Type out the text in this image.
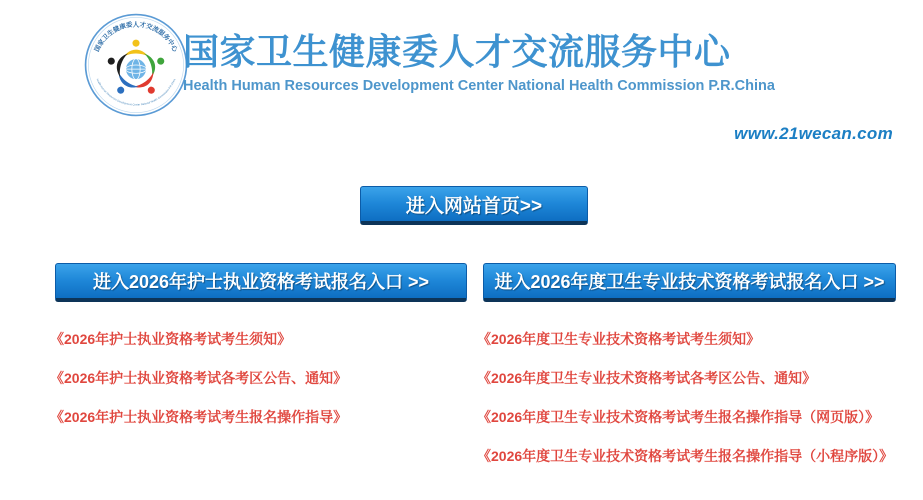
国家卫生健康委人才交流服务中心
Health Human Resources Development Center National Health Commission P.R.China
国家卫生健康委人才交流服务中心
Health Human Resources Development Center National Health Commission P.R.China
www.21wecan.com
进入网站首页>>
进入2026年护士执业资格考试报名入口 >>	进入2026年度卫生专业技术资格考试报名入口 >>
《2026年护士执业资格考试考生须知》
《2026年护士执业资格考试各考区公告、通知》
《2026年护士执业资格考试考生报名操作指导》
《2026年度卫生专业技术资格考试考生须知》
《2026年度卫生专业技术资格考试各考区公告、通知》
《2026年度卫生专业技术资格考试考生报名操作指导（网页版）》
《2026年度卫生专业技术资格考试考生报名操作指导（小程序版）》
